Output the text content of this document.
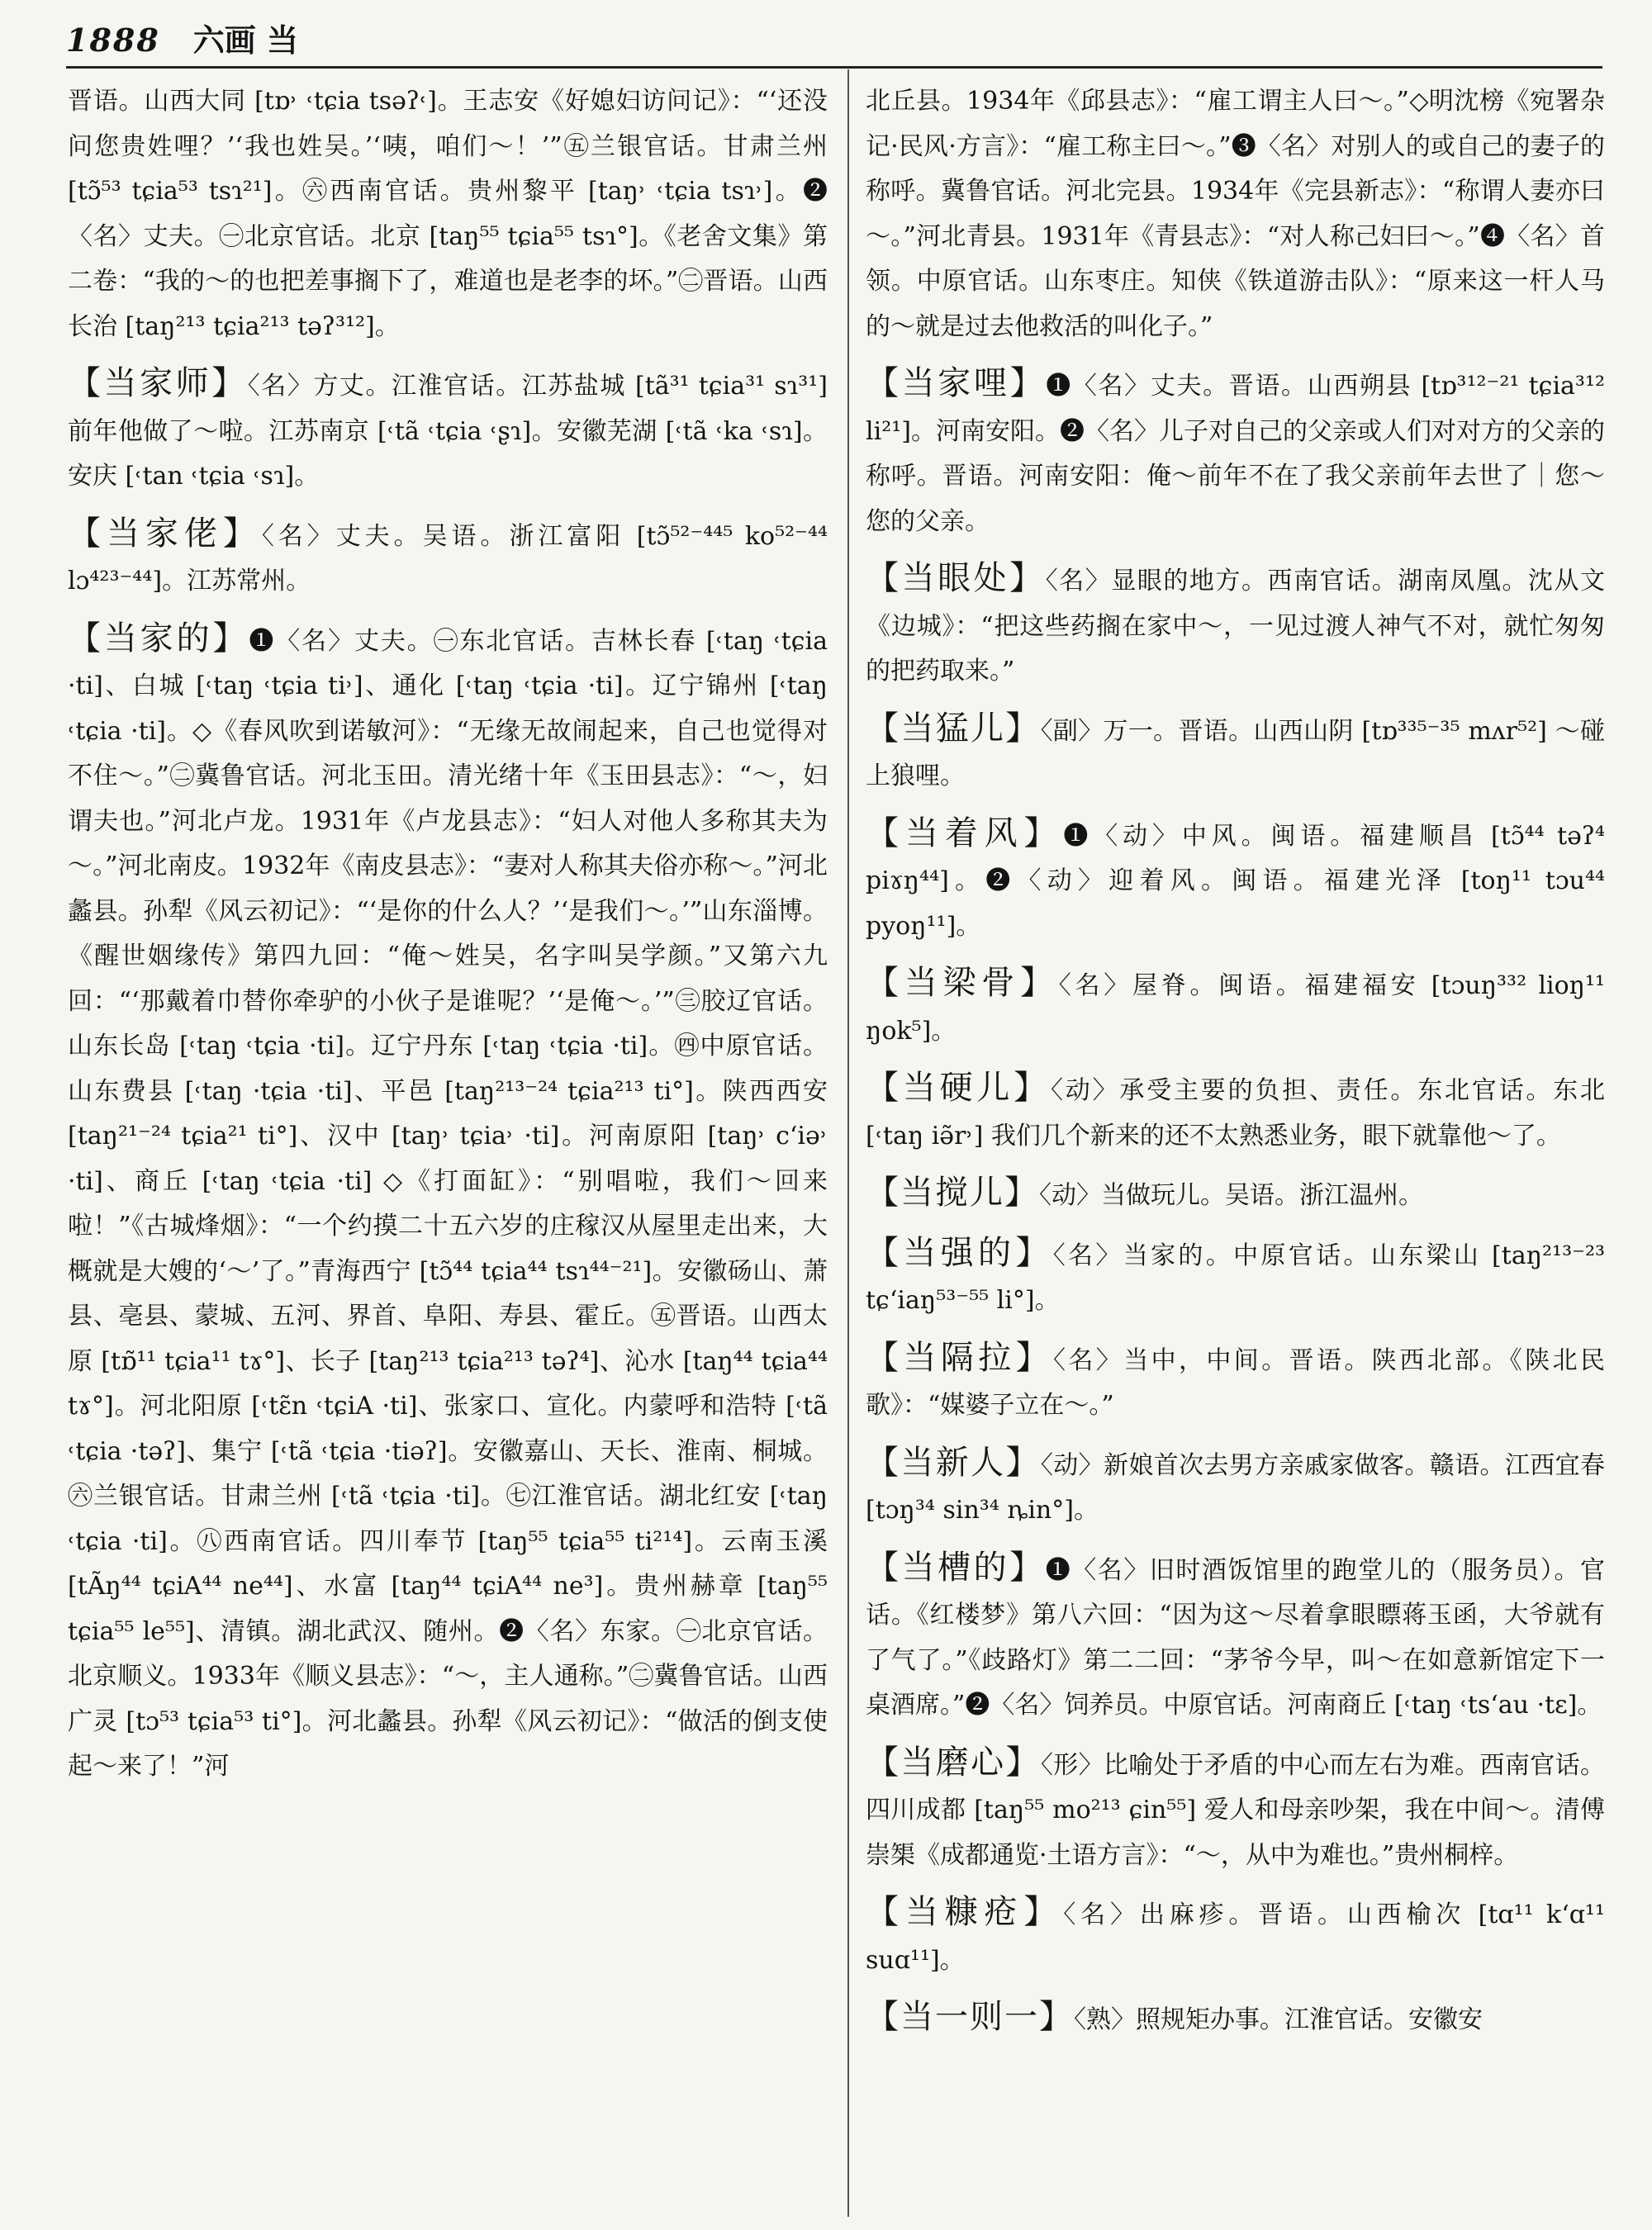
1888 六画 当
晋语。山西大同 [tɒ˒ ˓tɕia tsəʔ˓]。王志安《好媳妇访问记》：“‘还没问您贵姓哩？’‘我也姓吴。’‘咦，咱们～！’”㊄兰银官话。甘肃兰州 [tɔ̃⁵³ tɕia⁵³ tsɿ²¹]。㊅西南官话。贵州黎平 [taŋ˒ ˓tɕia tsɿ˒]。❷〈名〉丈夫。㊀北京官话。北京 [taŋ⁵⁵ tɕia⁵⁵ tsɿ°]。《老舍文集》第二卷：“我的～的也把差事搁下了，难道也是老李的坏。”㊁晋语。山西长治 [taŋ²¹³ tɕia²¹³ təʔ³¹²]。
【当家师】〈名〉方丈。江淮官话。江苏盐城 [tã³¹ tɕia³¹ sɿ³¹] 前年他做了～啦。江苏南京 [˓tã ˓tɕia ˓ʂɿ]。安徽芜湖 [˓tã ˓ka ˓sɿ]。安庆 [˓tan ˓tɕia ˓sɿ]。
【当家佬】〈名〉丈夫。吴语。浙江富阳 [tɔ̃⁵²⁻⁴⁴⁵ ko⁵²⁻⁴⁴ lɔ⁴²³⁻⁴⁴]。江苏常州。
【当家的】❶〈名〉丈夫。㊀东北官话。吉林长春 [˓taŋ ˓tɕia ·ti]、白城 [˓taŋ ˓tɕia ti˒]、通化 [˓taŋ ˓tɕia ·ti]。辽宁锦州 [˓taŋ ˓tɕia ·ti]。◇《春风吹到诺敏河》：“无缘无故闹起来，自己也觉得对不住～。”㊁冀鲁官话。河北玉田。清光绪十年《玉田县志》：“～，妇谓夫也。”河北卢龙。1931年《卢龙县志》：“妇人对他人多称其夫为～。”河北南皮。1932年《南皮县志》：“妻对人称其夫俗亦称～。”河北蠡县。孙犁《风云初记》：“‘是你的什么人？’‘是我们～。’”山东淄博。《醒世姻缘传》第四九回：“俺～姓吴，名字叫吴学颜。”又第六九回：“‘那戴着巾替你牵驴的小伙子是谁呢？’‘是俺～。’”㊂胶辽官话。山东长岛 [˓taŋ ˓tɕia ·ti]。辽宁丹东 [˓taŋ ˓tɕia ·ti]。㊃中原官话。山东费县 [˓taŋ ·tɕia ·ti]、平邑 [taŋ²¹³⁻²⁴ tɕia²¹³ ti°]。陕西西安 [taŋ²¹⁻²⁴ tɕia²¹ ti°]、汉中 [taŋ˒ tɕia˒ ·ti]。河南原阳 [taŋ˒ cʻiə˒ ·ti]、商丘 [˓taŋ ˓tɕia ·ti] ◇《打面缸》：“别唱啦，我们～回来啦！”《古城烽烟》：“一个约摸二十五六岁的庄稼汉从屋里走出来，大概就是大嫂的‘～’了。”青海西宁 [tɔ̃⁴⁴ tɕia⁴⁴ tsɿ⁴⁴⁻²¹]。安徽砀山、萧县、亳县、蒙城、五河、界首、阜阳、寿县、霍丘。㊄晋语。山西太原 [tɒ̃¹¹ tɕia¹¹ tɤ°]、长子 [taŋ²¹³ tɕia²¹³ təʔ⁴]、沁水 [taŋ⁴⁴ tɕia⁴⁴ tɤ°]。河北阳原 [˓tɛ̃n ˓tɕiA ·ti]、张家口、宣化。内蒙呼和浩特 [˓tã ˓tɕia ·təʔ]、集宁 [˓tã ˓tɕia ·tiəʔ]。安徽嘉山、天长、淮南、桐城。㊅兰银官话。甘肃兰州 [˓tã ˓tɕia ·ti]。㊆江淮官话。湖北红安 [˓taŋ ˓tɕia ·ti]。㊇西南官话。四川奉节 [taŋ⁵⁵ tɕia⁵⁵ ti²¹⁴]。云南玉溪 [tÃŋ⁴⁴ tɕiA⁴⁴ ne⁴⁴]、水富 [taŋ⁴⁴ tɕiA⁴⁴ ne³]。贵州赫章 [taŋ⁵⁵ tɕia⁵⁵ le⁵⁵]、清镇。湖北武汉、随州。❷〈名〉东家。㊀北京官话。北京顺义。1933年《顺义县志》：“～，主人通称。”㊁冀鲁官话。山西广灵 [tɔ⁵³ tɕia⁵³ ti°]。河北蠡县。孙犁《风云初记》：“做活的倒支使起～来了！”河
北丘县。1934年《邱县志》：“雇工谓主人曰～。”◇明沈榜《宛署杂记·民风·方言》：“雇工称主曰～。”❸〈名〉对别人的或自己的妻子的称呼。冀鲁官话。河北完县。1934年《完县新志》：“称谓人妻亦曰～。”河北青县。1931年《青县志》：“对人称己妇曰～。”❹〈名〉首领。中原官话。山东枣庄。知侠《铁道游击队》：“原来这一杆人马的～就是过去他救活的叫化子。”
【当家哩】❶〈名〉丈夫。晋语。山西朔县 [tɒ³¹²⁻²¹ tɕia³¹² li²¹]。河南安阳。❷〈名〉儿子对自己的父亲或人们对对方的父亲的称呼。晋语。河南安阳：俺～前年不在了我父亲前年去世了｜您～您的父亲。
【当眼处】〈名〉显眼的地方。西南官话。湖南凤凰。沈从文《边城》：“把这些药搁在家中～，一见过渡人神气不对，就忙匆匆的把药取来。”
【当猛儿】〈副〉万一。晋语。山西山阴 [tɒ³³⁵⁻³⁵ mʌr⁵²] ～碰上狼哩。
【当着风】❶〈动〉中风。闽语。福建顺昌 [tɔ̃⁴⁴ təʔ⁴ piɤŋ⁴⁴]。❷〈动〉迎着风。闽语。福建光泽 [toŋ¹¹ tɔu⁴⁴ pyoŋ¹¹]。
【当梁骨】〈名〉屋脊。闽语。福建福安 [tɔuŋ³³² lioŋ¹¹ ŋok⁵]。
【当硬儿】〈动〉承受主要的负担、责任。东北官话。东北 [˓taŋ iə̃r˒] 我们几个新来的还不太熟悉业务，眼下就靠他～了。
【当搅儿】〈动〉当做玩儿。吴语。浙江温州。
【当强的】〈名〉当家的。中原官话。山东梁山 [taŋ²¹³⁻²³ tɕʻiaŋ⁵³⁻⁵⁵ li°]。
【当隔拉】〈名〉当中，中间。晋语。陕西北部。《陕北民歌》：“媒婆子立在～。”
【当新人】〈动〉新娘首次去男方亲戚家做客。赣语。江西宜春 [tɔŋ³⁴ sin³⁴ ȵin°]。
【当槽的】❶〈名〉旧时酒饭馆里的跑堂儿的（服务员）。官话。《红楼梦》第八六回：“因为这～尽着拿眼瞟蒋玉函，大爷就有了气了。”《歧路灯》第二二回：“茅爷今早，叫～在如意新馆定下一桌酒席。”❷〈名〉饲养员。中原官话。河南商丘 [˓taŋ ˓tsʻau ·tɛ]。
【当磨心】〈形〉比喻处于矛盾的中心而左右为难。西南官话。四川成都 [taŋ⁵⁵ mo²¹³ ɕin⁵⁵] 爱人和母亲吵架，我在中间～。清傅崇榘《成都通览·土语方言》：“～，从中为难也。”贵州桐梓。
【当糠疮】〈名〉出麻疹。晋语。山西榆次 [tɑ¹¹ kʻɑ¹¹ suɑ¹¹]。
【当一则一】〈熟〉照规矩办事。江淮官话。安徽安
